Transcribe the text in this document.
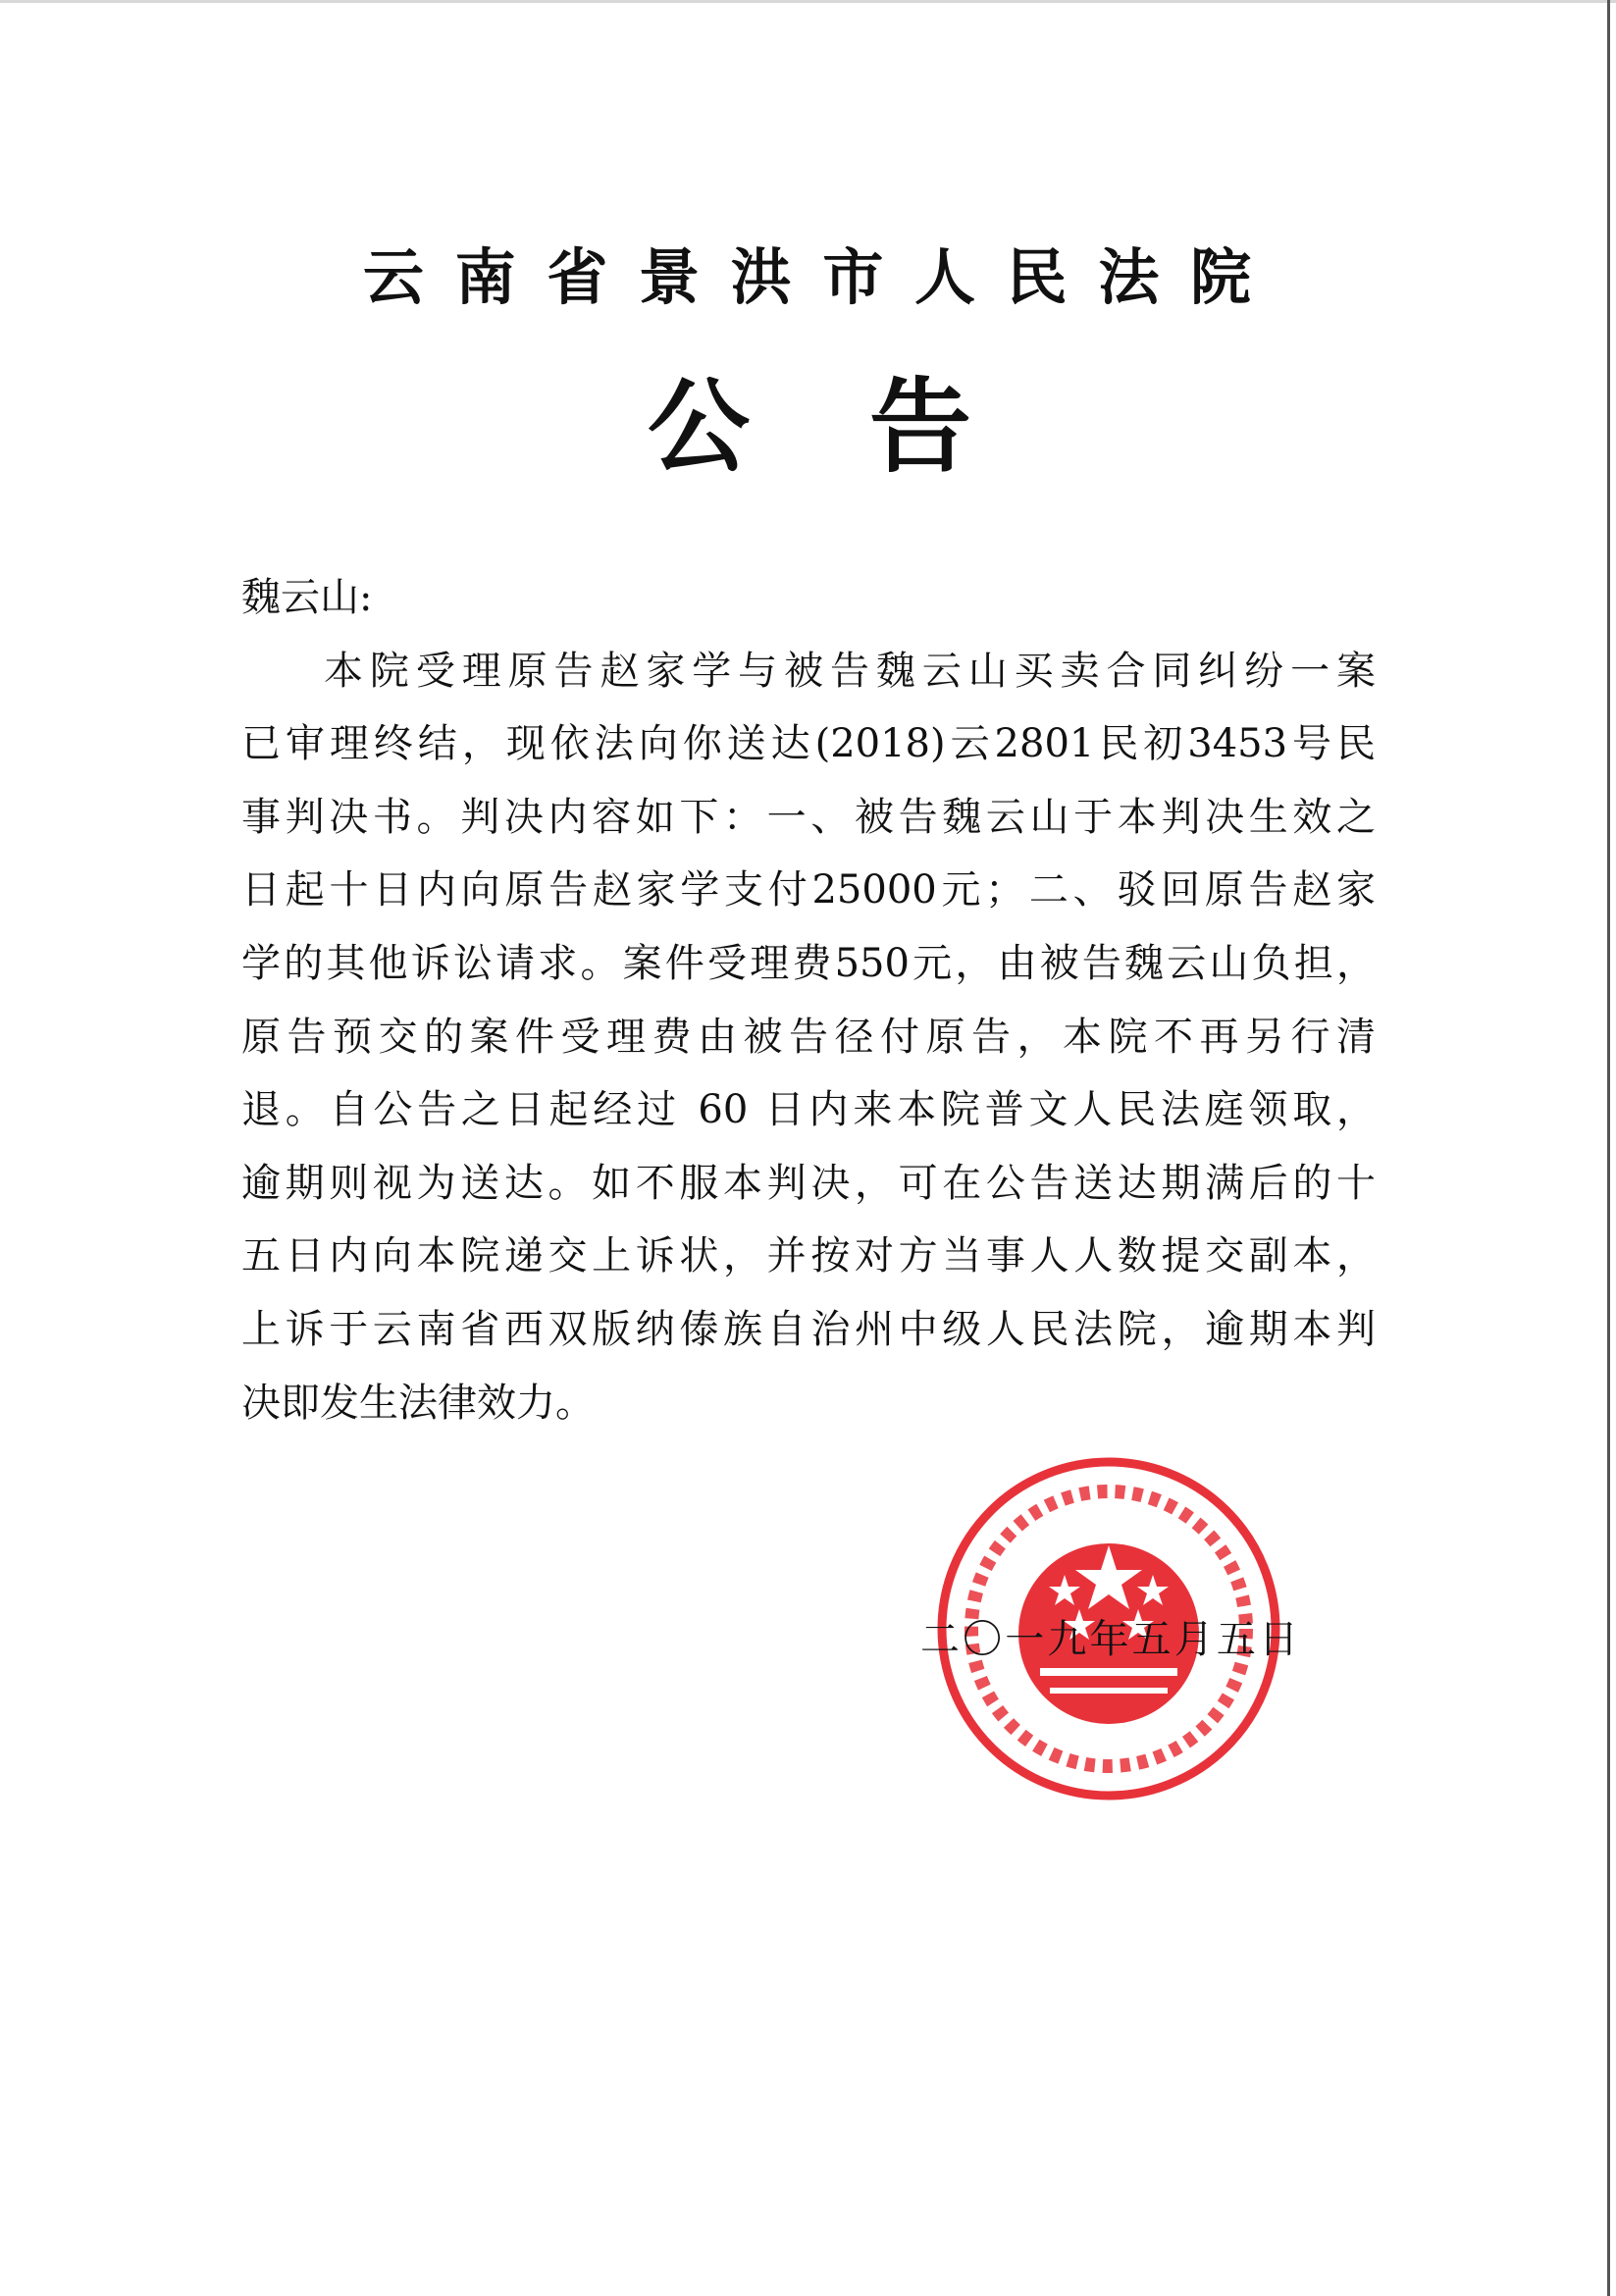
云南省景洪市人民法院
公 告
魏云山:
本院受理原告赵家学与被告魏云山买卖合同纠纷一案
已审理终结，现依法向你送达(2018)云2801民初3453号民
事判决书。判决内容如下：一、被告魏云山于本判决生效之
日起十日内向原告赵家学支付25000元；二、驳回原告赵家
学的其他诉讼请求。案件受理费550元，由被告魏云山负担，
原告预交的案件受理费由被告径付原告，本院不再另行清
退。自公告之日起经过 60 日内来本院普文人民法庭领取，
逾期则视为送达。如不服本判决，可在公告送达期满后的十
五日内向本院递交上诉状，并按对方当事人人数提交副本，
上诉于云南省西双版纳傣族自治州中级人民法院，逾期本判
决即发生法律效力。
二〇一九年五月五日
